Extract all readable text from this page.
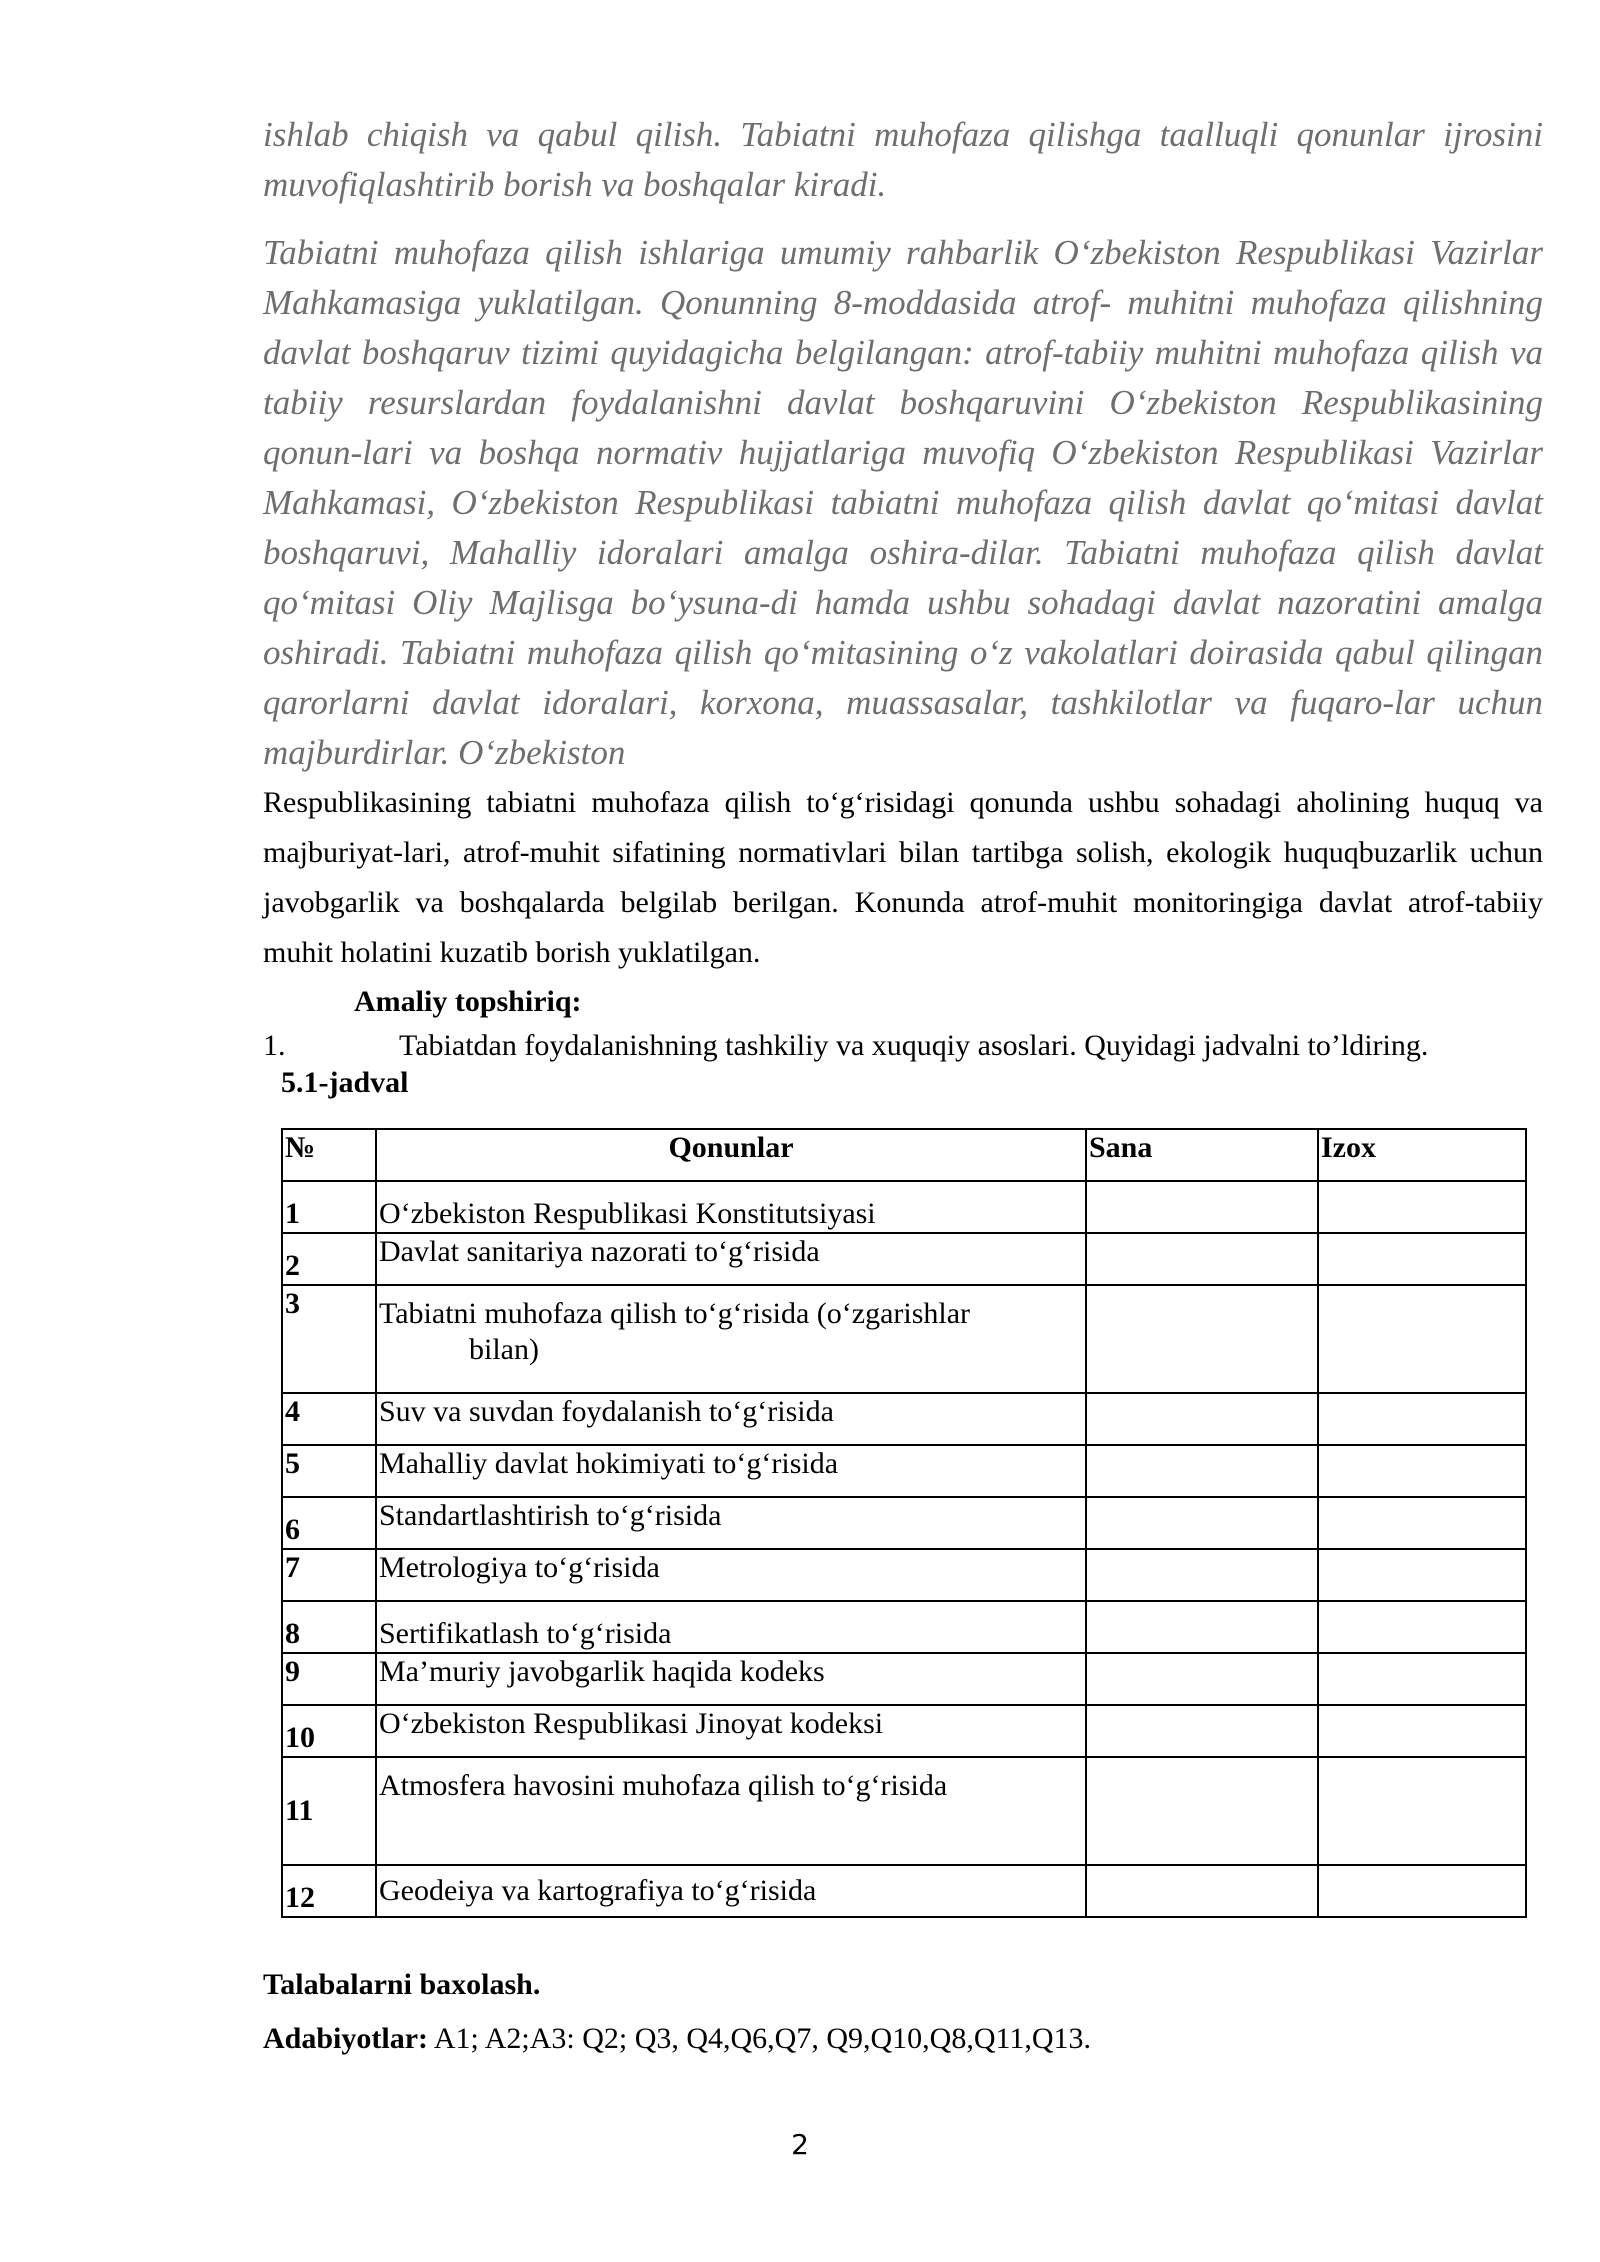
ishlab chiqish va qabul qilish. Tabiatni muhofaza qilishga taalluqli qonunlar ijrosini muvofiqlashtirib borish va boshqalar kiradi.

Tabiatni muhofaza qilish ishlariga umumiy rahbarlik O‘zbekiston Respublikasi Vazirlar Mahkamasiga yuklatilgan. Qonunning 8-moddasida atrof- muhitni muhofaza qilishning davlat boshqaruv tizimi quyidagicha belgilangan: atrof-tabiiy muhitni muhofaza qilish va tabiiy resurslardan foydalanishni davlat boshqaruvini O‘zbekiston Respublikasining qonun-lari va boshqa normativ hujjatlariga muvofiq O‘zbekiston Respublikasi Vazirlar Mahkamasi, O‘zbekiston Respublikasi tabiatni muhofaza qilish davlat qo‘mitasi davlat boshqaruvi, Mahalliy idoralari amalga oshira-dilar. Tabiatni muhofaza qilish davlat qo‘mitasi Oliy Majlisga bo‘ysuna-di hamda ushbu sohadagi davlat nazoratini amalga oshiradi. Tabiatni muhofaza qilish qo‘mitasining o‘z vakolatlari doirasida qabul qilingan qarorlarni davlat idoralari, korxona, muassasalar, tashkilotlar va fuqaro-lar uchun majburdirlar. O‘zbekiston

Respublikasining tabiatni muhofaza qilish to‘g‘risidagi qonunda ushbu sohadagi aholining huquq va majburiyat-lari, atrof-muhit sifatining normativlari bilan tartibga solish, ekologik huquqbuzarlik uchun javobgarlik va boshqalarda belgilab berilgan. Konunda atrof-muhit monitoringiga davlat atrof-tabiiy muhit holatini kuzatib borish yuklatilgan.

Amaliy topshiriq:

1.	Tabiatdan foydalanishning tashkiliy va xuquqiy asoslari. Quyidagi jadvalni to’ldiring.

5.1-jadval

№	Qonunlar	Sana	Izox
1	O‘zbekiston Respublikasi Konstitutsiyasi		
2	Davlat sanitariya nazorati to‘g‘risida		
3	Tabiatni muhofaza qilish to‘g‘risida (o‘zgarishlar
bilan)		

4	Suv va suvdan foydalanish to‘g‘risida		
5	Mahalliy davlat hokimiyati to‘g‘risida		
6	Standartlashtirish to‘g‘risida		
7	Metrologiya to‘g‘risida		
8	Sertifikatlash to‘g‘risida		
9	Ma’muriy javobgarlik haqida kodeks		
10	O‘zbekiston Respublikasi Jinoyat kodeksi		
11	Atmosfera havosini muhofaza qilish to‘g‘risida		
12	Geodeiya va kartografiya to‘g‘risida		

Talabalarni baxolash.

Adabiyotlar: A1; A2;A3: Q2; Q3, Q4,Q6,Q7, Q9,Q10,Q8,Q11,Q13.

2
